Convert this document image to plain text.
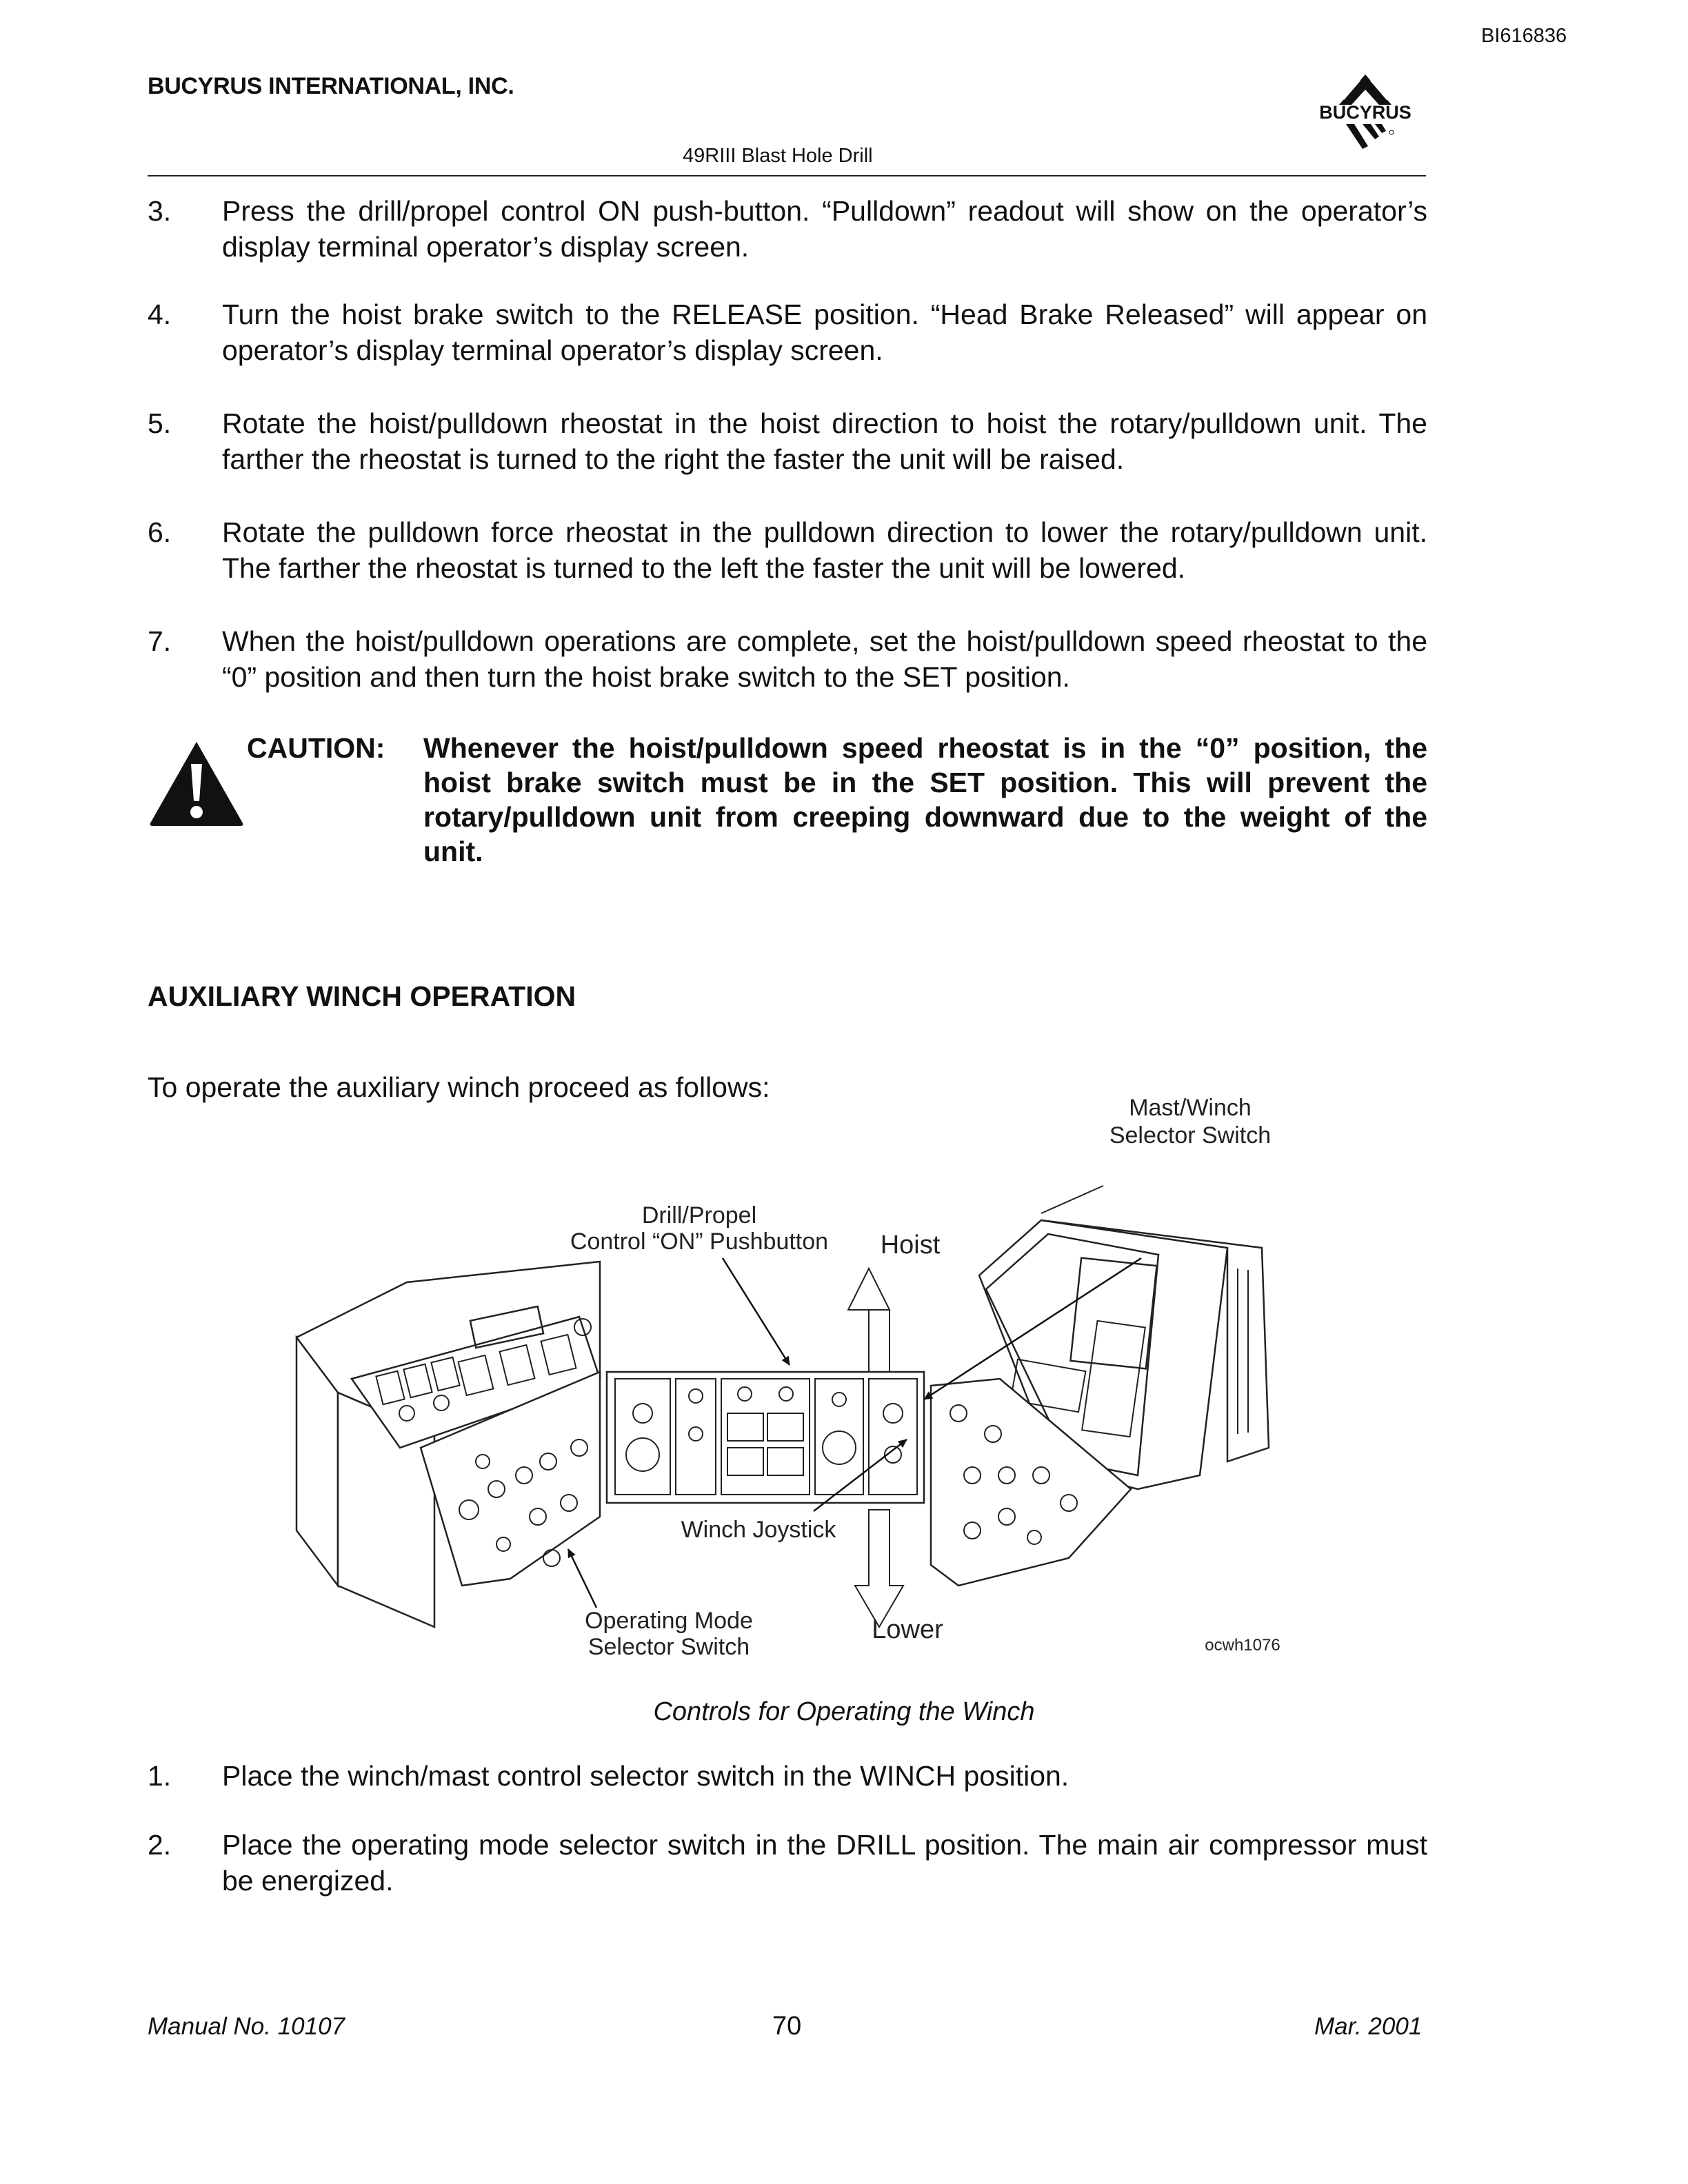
BI616836
BUCYRUS INTERNATIONAL, INC.
BUCYRUS
49RIII Blast Hole Drill
3. Press the drill/propel control ON push-button. “Pulldown” readout will show on the operator’s display terminal operator’s display screen.
4. Turn the hoist brake switch to the RELEASE position. “Head Brake Released” will appear on operator’s display terminal operator’s display screen.
5. Rotate the hoist/pulldown rheostat in the hoist direction to hoist the rotary/pulldown unit. The farther the rheostat is turned to the right the faster the unit will be raised.
6. Rotate the pulldown force rheostat in the pulldown direction to lower the rotary/pulldown unit. The farther the rheostat is turned to the left the faster the unit will be lowered.
7. When the hoist/pulldown operations are complete, set the hoist/pulldown speed rheostat to the “0” position and then turn the hoist brake switch to the SET position.
CAUTION: Whenever the hoist/pulldown speed rheostat is in the “0” position, the hoist brake switch must be in the SET position. This will prevent the rotary/pulldown unit from creeping downward due to the weight of the unit.
AUXILIARY WINCH OPERATION
To operate the auxiliary winch proceed as follows:
Mast/Winch
Selector Switch
Drill/Propel
Control “ON” Pushbutton Hoist
Winch Joystick
Operating Mode
Selector Switch
Lower
ocwh1076
Controls for Operating the Winch
1. Place the winch/mast control selector switch in the WINCH position.
2. Place the operating mode selector switch in the DRILL position. The main air compressor must be energized.
Manual No. 10107	70	Mar. 2001
